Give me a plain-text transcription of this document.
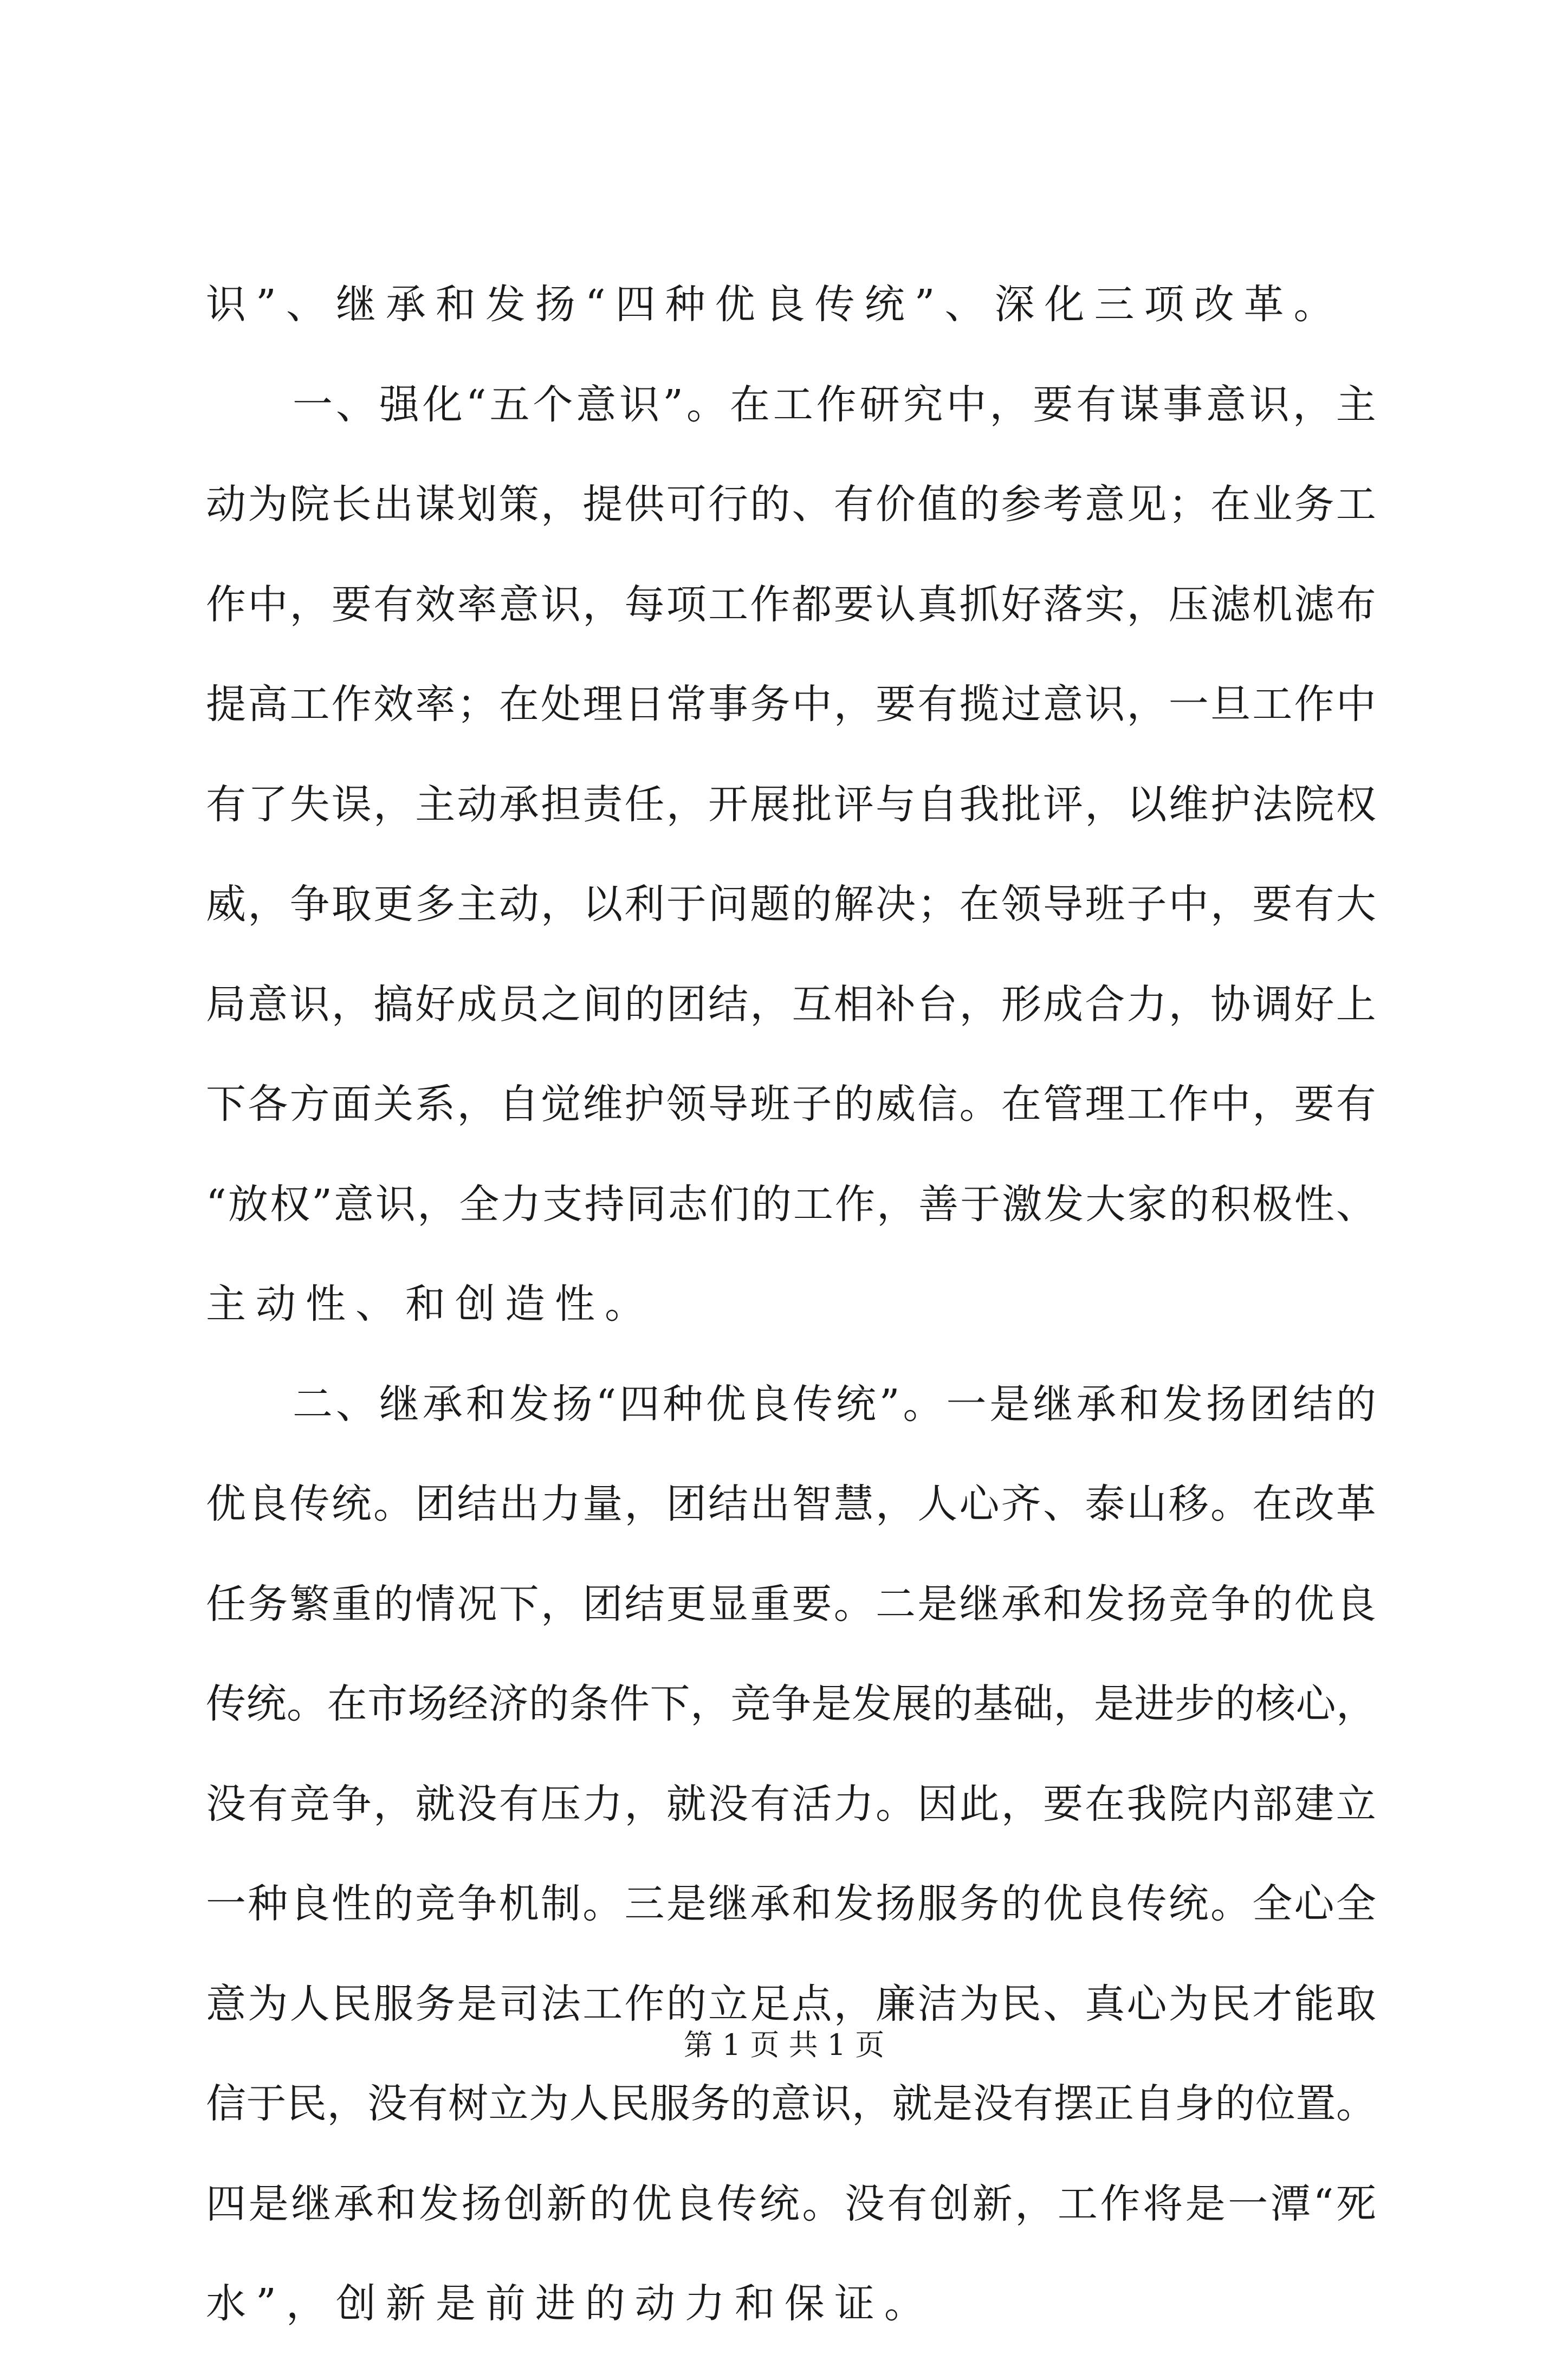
识”、继承和发扬“四种优良传统”、深化三项改革。
一 、 强 化 “ 五 个 意 识 ” 。 在 工 作 研 究 中 ， 要 有 谋 事 意 识 ， 主
动 为 院 长 出 谋 划 策 ， 提 供 可 行 的 、 有 价 值 的 参 考 意 见 ； 在 业 务 工
作 中 ， 要 有 效 率 意 识 ， 每 项 工 作 都 要 认 真 抓 好 落 实 ， 压 滤 机 滤 布
提 高 工 作 效 率 ； 在 处 理 日 常 事 务 中 ， 要 有 揽 过 意 识 ， 一 旦 工 作 中
有 了 失 误 ， 主 动 承 担 责 任 ， 开 展 批 评 与 自 我 批 评 ， 以 维 护 法 院 权
威 ， 争 取 更 多 主 动 ， 以 利 于 问 题 的 解 决 ； 在 领 导 班 子 中 ， 要 有 大
局 意 识 ， 搞 好 成 员 之 间 的 团 结 ， 互 相 补 台 ， 形 成 合 力 ， 协 调 好 上
下 各 方 面 关 系 ， 自 觉 维 护 领 导 班 子 的 威 信 。 在 管 理 工 作 中 ， 要 有
“ 放 权 ” 意 识 ， 全 力 支 持 同 志 们 的 工 作 ， 善 于 激 发 大 家 的 积 极 性 、
主动性、和创造性。
二 、 继 承 和 发 扬 “ 四 种 优 良 传 统 ” 。 一 是 继 承 和 发 扬 团 结 的
优 良 传 统 。 团 结 出 力 量 ， 团 结 出 智 慧 ， 人 心 齐 、 泰 山 移 。 在 改 革
任 务 繁 重 的 情 况 下 ， 团 结 更 显 重 要 。 二 是 继 承 和 发 扬 竞 争 的 优 良
传 统 。 在 市 场 经 济 的 条 件 下 ， 竞 争 是 发 展 的 基 础 ， 是 进 步 的 核 心 ，
没 有 竞 争 ， 就 没 有 压 力 ， 就 没 有 活 力 。 因 此 ， 要 在 我 院 内 部 建 立
一 种 良 性 的 竞 争 机 制 。 三 是 继 承 和 发 扬 服 务 的 优 良 传 统 。 全 心 全
意 为 人 民 服 务 是 司 法 工 作 的 立 足 点 ， 廉 洁 为 民 、 真 心 为 民 才 能 取
信 于 民 ， 没 有 树 立 为 人 民 服 务 的 意 识 ， 就 是 没 有 摆 正 自 身 的 位 置 。
四 是 继 承 和 发 扬 创 新 的 优 良 传 统 。 没 有 创 新 ， 工 作 将 是 一 潭 “ 死
水”，创新是前进的动力和保证。
第 1 页 共 1 页
